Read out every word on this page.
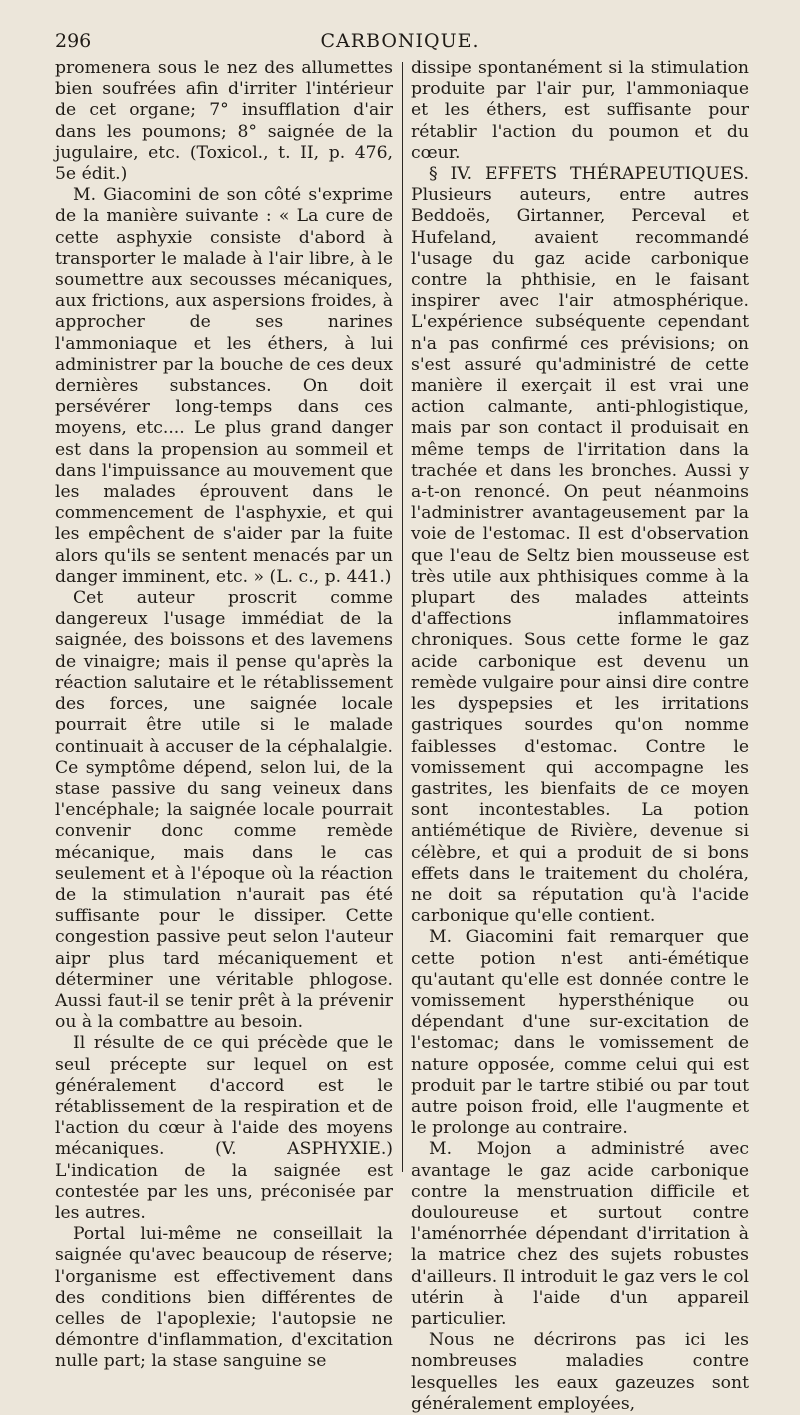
296	CARBONIQUE.

promenera sous le nez des allumettes bien soufrées afin d'irriter l'intérieur de cet organe; 7° insufflation d'air dans les poumons; 8° saignée de la jugulaire, etc. (Toxicol., t. II, p. 476, 5e édit.)

M. Giacomini de son côté s'exprime de la manière suivante : « La cure de cette asphyxie consiste d'abord à transporter le malade à l'air libre, à le soumettre aux secousses mécaniques, aux frictions, aux aspersions froides, à approcher de ses narines l'ammoniaque et les éthers, à lui administrer par la bouche de ces deux dernières substances. On doit persévérer long-temps dans ces moyens, etc.... Le plus grand danger est dans la propension au sommeil et dans l'impuissance au mouvement que les malades éprouvent dans le commencement de l'asphyxie, et qui les empêchent de s'aider par la fuite alors qu'ils se sentent menacés par un danger imminent, etc. » (L. c., p. 441.)

Cet auteur proscrit comme dangereux l'usage immédiat de la saignée, des boissons et des lavemens de vinaigre; mais il pense qu'après la réaction salutaire et le rétablissement des forces, une saignée locale pourrait être utile si le malade continuait à accuser de la céphalalgie. Ce symptôme dépend, selon lui, de la stase passive du sang veineux dans l'encéphale; la saignée locale pourrait convenir donc comme remède mécanique, mais dans le cas seulement et à l'époque où la réaction de la stimulation n'aurait pas été suffisante pour le dissiper. Cette congestion passive peut selon l'auteur aipr plus tard mécaniquement et déterminer une véritable phlogose. Aussi faut-il se tenir prêt à la prévenir ou à la combattre au besoin.

Il résulte de ce qui précède que le seul précepte sur lequel on est généralement d'accord est le rétablissement de la respiration et de l'action du cœur à l'aide des moyens mécaniques. (V. ASPHYXIE.) L'indication de la saignée est contestée par les uns, préconisée par les autres.

Portal lui-même ne conseillait la saignée qu'avec beaucoup de réserve; l'organisme est effectivement dans des conditions bien différentes de celles de l'apoplexie; l'autopsie ne démontre d'inflammation, d'excitation nulle part; la stase sanguine se

dissipe spontanément si la stimulation produite par l'air pur, l'ammoniaque et les éthers, est suffisante pour rétablir l'action du poumon et du cœur.

§ IV. EFFETS THÉRAPEUTIQUES. Plusieurs auteurs, entre autres Beddoës, Girtanner, Perceval et Hufeland, avaient recommandé l'usage du gaz acide carbonique contre la phthisie, en le faisant inspirer avec l'air atmosphérique. L'expérience subséquente cependant n'a pas confirmé ces prévisions; on s'est assuré qu'administré de cette manière il exerçait il est vrai une action calmante, anti-phlogistique, mais par son contact il produisait en même temps de l'irritation dans la trachée et dans les bronches. Aussi y a-t-on renoncé. On peut néanmoins l'administrer avantageusement par la voie de l'estomac. Il est d'observation que l'eau de Seltz bien mousseuse est très utile aux phthisiques comme à la plupart des malades atteints d'affections inflammatoires chroniques. Sous cette forme le gaz acide carbonique est devenu un remède vulgaire pour ainsi dire contre les dyspepsies et les irritations gastriques sourdes qu'on nomme faiblesses d'estomac. Contre le vomissement qui accompagne les gastrites, les bienfaits de ce moyen sont incontestables. La potion antiémétique de Rivière, devenue si célèbre, et qui a produit de si bons effets dans le traitement du choléra, ne doit sa réputation qu'à l'acide carbonique qu'elle contient.

M. Giacomini fait remarquer que cette potion n'est anti-émétique qu'autant qu'elle est donnée contre le vomissement hypersthénique ou dépendant d'une sur-excitation de l'estomac; dans le vomissement de nature opposée, comme celui qui est produit par le tartre stibié ou par tout autre poison froid, elle l'augmente et le prolonge au contraire.

M. Mojon a administré avec avantage le gaz acide carbonique contre la menstruation difficile et douloureuse et surtout contre l'aménorrhée dépendant d'irritation à la matrice chez des sujets robustes d'ailleurs. Il introduit le gaz vers le col utérin à l'aide d'un appareil particulier.

Nous ne décrirons pas ici les nombreuses maladies contre lesquelles les eaux gazeuzes sont généralement employées,
